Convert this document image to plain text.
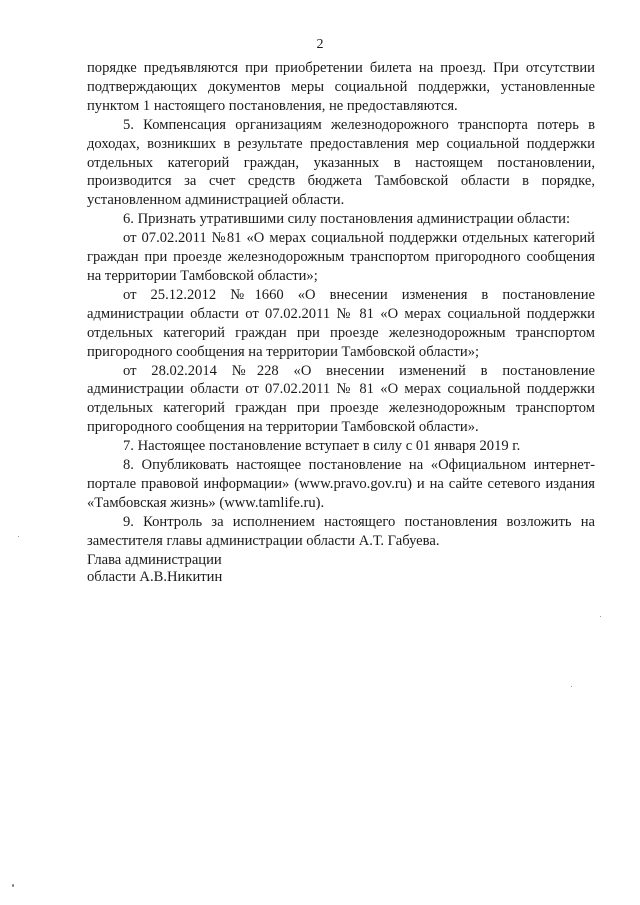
2

порядке предъявляются при приобретении билета на проезд. При отсутствии подтверждающих документов меры социальной поддержки, установленные пунктом 1 настоящего постановления, не предоставляются.

5. Компенсация организациям железнодорожного транспорта потерь в доходах, возникших в результате предоставления мер социальной поддержки отдельных категорий граждан, указанных в настоящем постановлении, производится за счет средств бюджета Тамбовской области в порядке, установленном администрацией области.

6. Признать утратившими силу постановления администрации области:

от 07.02.2011 №81 «О мерах социальной поддержки отдельных категорий граждан при проезде железнодорожным транспортом пригородного сообщения на территории Тамбовской области»;

от 25.12.2012 №1660 «О внесении изменения в постановление администрации области от 07.02.2011 № 81 «О мерах социальной поддержки отдельных категорий граждан при проезде железнодорожным транспортом пригородного сообщения на территории Тамбовской области»;

от 28.02.2014 №228 «О внесении изменений в постановление администрации области от 07.02.2011 № 81 «О мерах социальной поддержки отдельных категорий граждан при проезде железнодорожным транспортом пригородного сообщения на территории Тамбовской области».

7. Настоящее постановление вступает в силу с 01 января 2019 г.

8. Опубликовать настоящее постановление на «Официальном интернет-портале правовой информации» (www.pravo.gov.ru) и на сайте сетевого издания «Тамбовская жизнь» (www.tamlife.ru).

9. Контроль за исполнением настоящего постановления возложить на заместителя главы администрации области А.Т. Габуева.

Глава администрации
области А.В.Никитин
